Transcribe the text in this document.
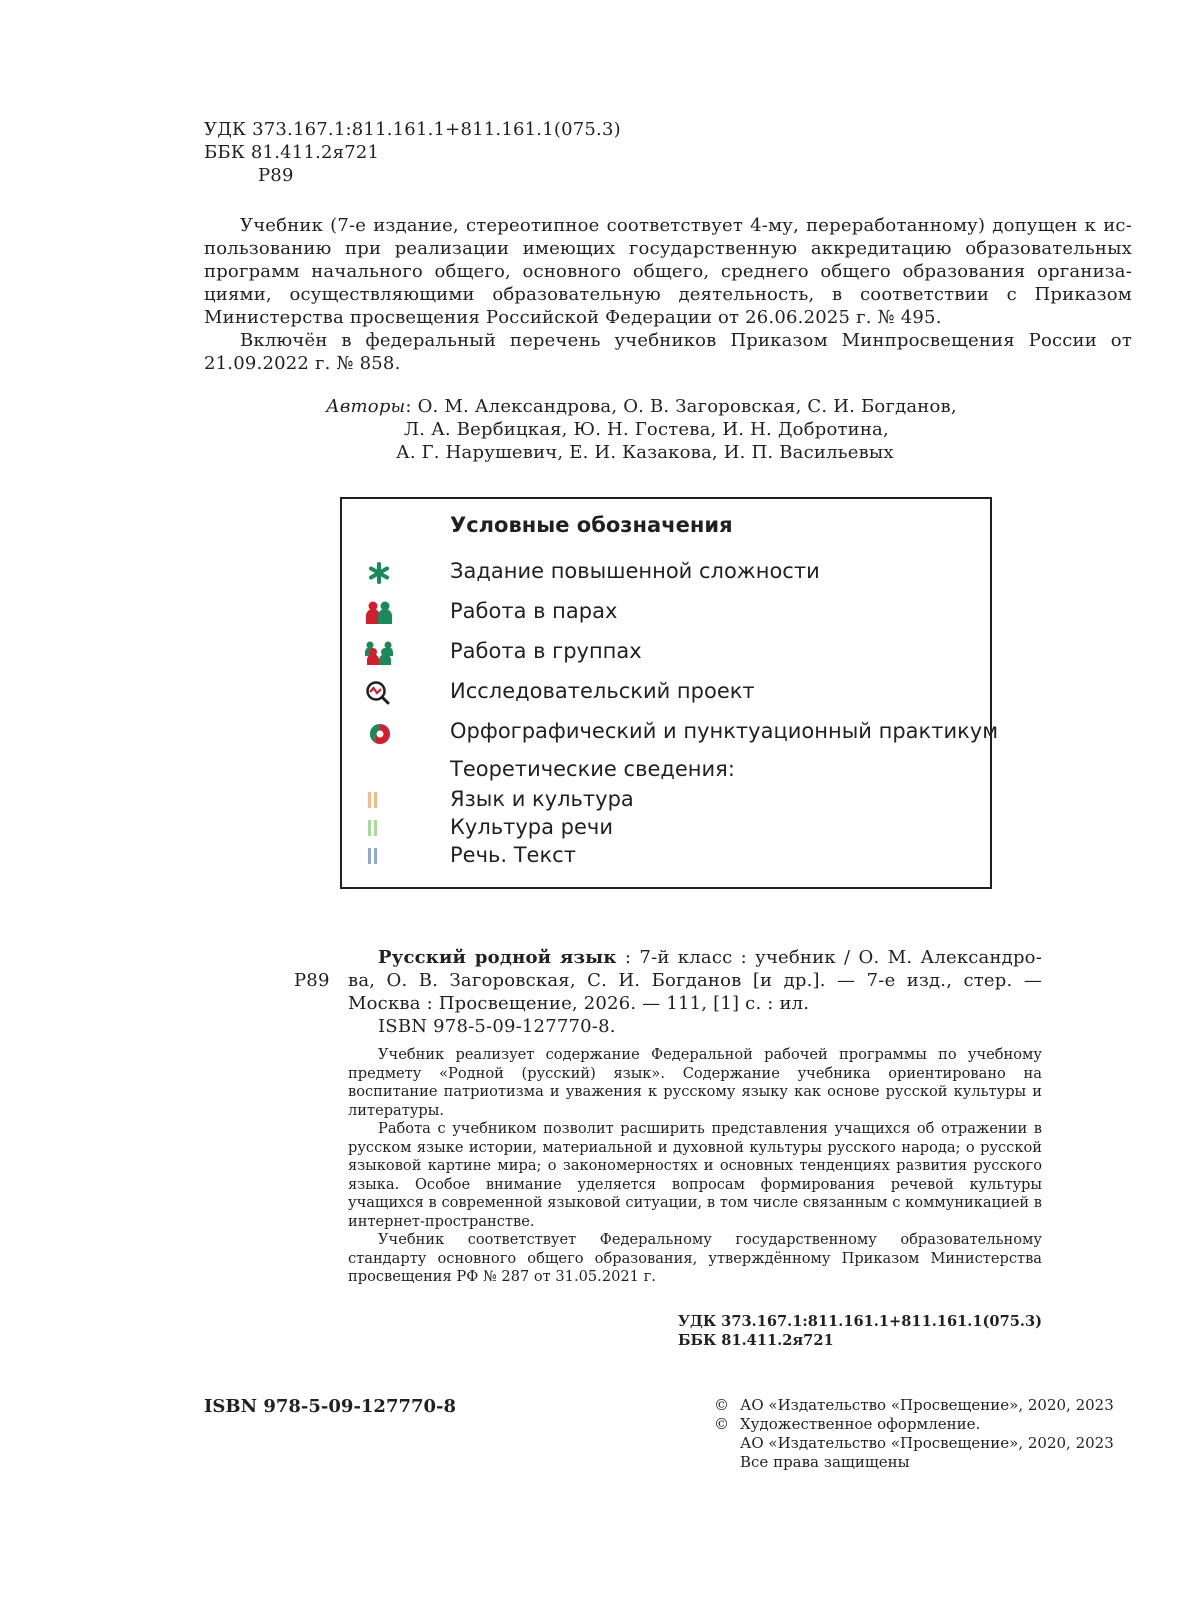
УДК 373.167.1:811.161.1+811.161.1(075.3)
ББК 81.411.2я721
Р89
Учебник (7-е издание, стереотипное соответствует 4-му, переработанному) допущен к ис-
пользованию при реализации имеющих государственную аккредитацию образовательных
программ начального общего, основного общего, среднего общего образования организа-
циями, осуществляющими образовательную деятельность, в соответствии с Приказом
Министерства просвещения Российской Федерации от 26.06.2025 г. № 495.
Включён в федеральный перечень учебников Приказом Минпросвещения России от
21.09.2022 г. № 858.
Авторы: О. М. Александрова, О. В. Загоровская, С. И. Богданов,
Л. А. Вербицкая, Ю. Н. Гостева, И. Н. Добротина,
А. Г. Нарушевич, Е. И. Казакова, И. П. Васильевых
Условные обозначения
Задание повышенной сложности
Работа в парах
Работа в группах
Исследовательский проект
Орфографический и пунктуационный практикум
Теоретические сведения:
Язык и культура
Культура речи
Речь. Текст
Р89
Русский родной язык : 7-й класс : учебник / О. М. Александро-
ва, О. В. Загоровская, С. И. Богданов [и др.]. — 7-е изд., стер. —
Москва : Просвещение, 2026. — 111, [1] с. : ил.
ISBN 978-5-09-127770-8.

Учебник реализует содержание Федеральной рабочей программы по учебному предмету «Родной (русский) язык». Содержание учебника ориентировано на воспитание патриотизма и уважения к русскому языку как основе русской культуры и литературы.

Работа с учебником позволит расширить представления учащихся об отражении в русском языке истории, материальной и духовной культуры русского народа; о русской языковой картине мира; о закономерностях и основных тенденциях развития русского языка. Особое внимание уделяется вопросам формирования речевой культуры учащихся в современной языковой ситуации, в том числе связанным с коммуникацией в интернет-пространстве.

Учебник соответствует Федеральному государственному образовательному стандарту основного общего образования, утверждённому Приказом Министерства просвещения РФ № 287 от 31.05.2021 г.

УДК 373.167.1:811.161.1+811.161.1(075.3)
ББК 81.411.2я721
ISBN 978-5-09-127770-8	© АО «Издательство «Просвещение», 2020, 2023
© Художественное оформление.
АО «Издательство «Просвещение», 2020, 2023
Все права защищены
